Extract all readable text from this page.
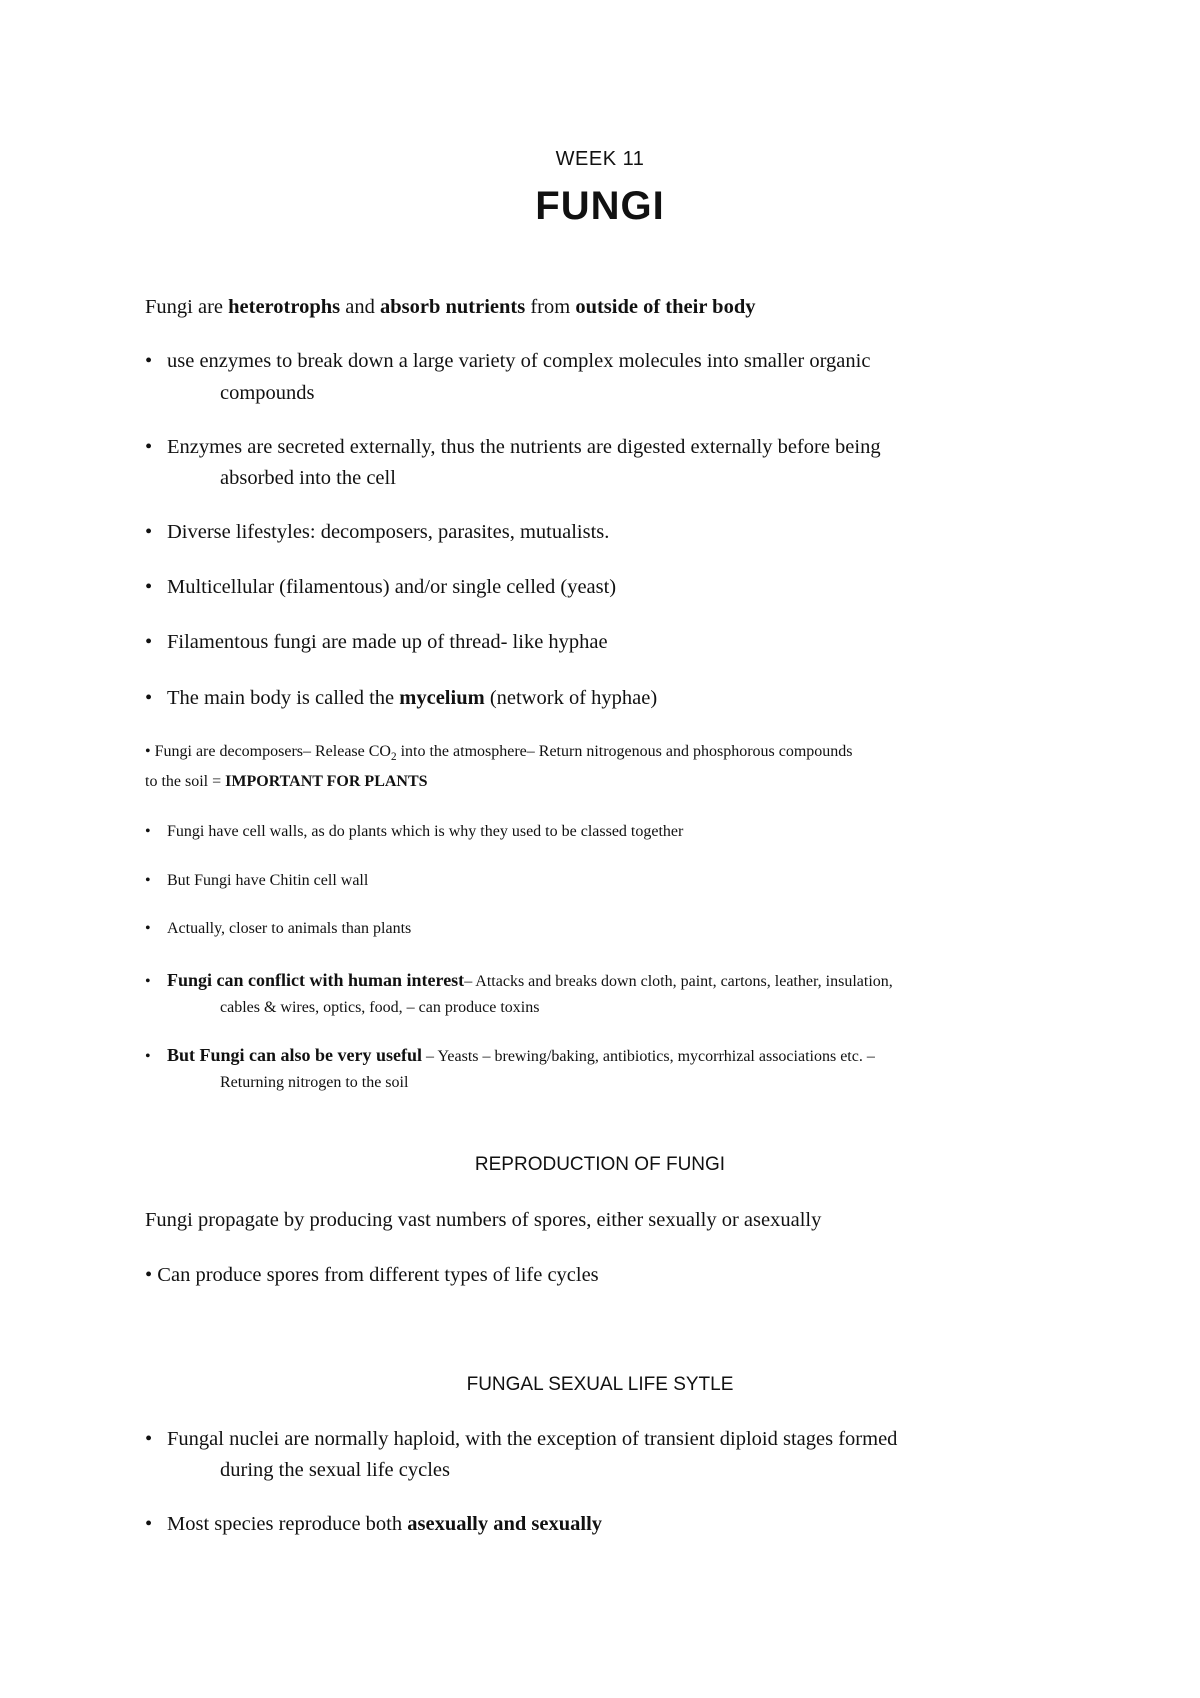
WEEK 11
FUNGI
Fungi are heterotrophs and absorb nutrients from outside of their body
• use enzymes to break down a large variety of complex molecules into smaller organic
compounds
• Enzymes are secreted externally, thus the nutrients are digested externally before being
absorbed into the cell
• Diverse lifestyles: decomposers, parasites, mutualists.
• Multicellular (filamentous) and/or single celled (yeast)
• Filamentous fungi are made up of thread- like hyphae
• The main body is called the mycelium (network of hyphae)
• Fungi are decomposers– Release $CO_2$ into the atmosphere– Return nitrogenous and phosphorous compounds
to the soil = IMPORTANT FOR PLANTS
• Fungi have cell walls, as do plants which is why they used to be classed together
• But Fungi have Chitin cell wall
• Actually, closer to animals than plants
• Fungi can conflict with human interest– Attacks and breaks down cloth, paint, cartons, leather, insulation,
cables & wires, optics, food, – can produce toxins
• But Fungi can also be very useful – Yeasts – brewing/baking, antibiotics, mycorrhizal associations etc. –
Returning nitrogen to the soil
REPRODUCTION OF FUNGI
Fungi propagate by producing vast numbers of spores, either sexually or asexually
• Can produce spores from different types of life cycles
FUNGAL SEXUAL LIFE SYTLE
• Fungal nuclei are normally haploid, with the exception of transient diploid stages formed
during the sexual life cycles
• Most species reproduce both asexually and sexually
